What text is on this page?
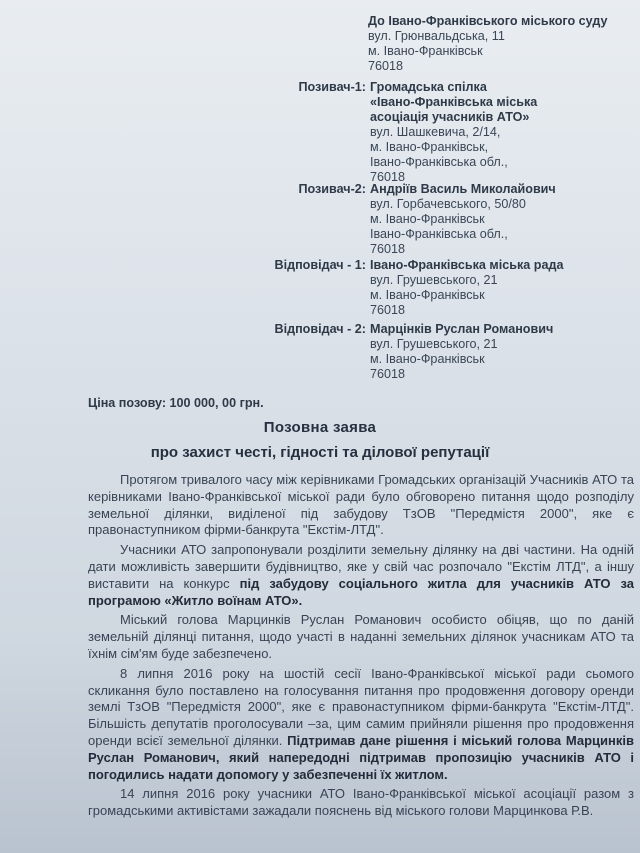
До Івано-Франківського міського суду
вул. Грюнвальдська, 11
м. Івано-Франківськ
76018
Позивач-1: Громадська спілка
«Івано-Франківська міська
асоціація учасників АТО»
вул. Шашкевича, 2/14,
м. Івано-Франківськ,
Івано-Франківська обл.,
76018
Позивач-2: Андріїв Василь Миколайович
вул. Горбачевського, 50/80
м. Івано-Франківськ
Івано-Франківська обл.,
76018
Відповідач - 1: Івано-Франківська міська рада
вул. Грушевського, 21
м. Івано-Франківськ
76018
Відповідач - 2: Марцінків Руслан Романович
вул. Грушевського, 21
м. Івано-Франківськ
76018
Ціна позову: 100 000, 00 грн.
Позовна заява
про захист честі, гідності та ділової репутації

Протягом тривалого часу між керівниками Громадських організацій Учасників АТО та керівниками Івано-Франківської міської ради було обговорено питання щодо розподілу земельної ділянки, виділеної під забудову ТзОВ "Передмістя 2000", яке є правонаступником фірми-банкрута "Екстім-ЛТД".

Учасники АТО запропонували розділити земельну ділянку на дві частини. На одній дати можливість завершити будівництво, яке у свій час розпочало "Екстім ЛТД", а іншу виставити на конкурс під забудову соціального житла для учасників АТО за програмою «Житло воїнам АТО».

Міський голова Марцинків Руслан Романович особисто обіцяв, що по даній земельній ділянці питання, щодо участі в наданні земельних ділянок учасникам АТО та їхнім сім'ям буде забезпечено.

8 липня 2016 року на шостій сесії Івано-Франківської міської ради сьомого скликання було поставлено на голосування питання про продовження договору оренди землі ТзОВ "Передмістя 2000", яке є правонаступником фірми-банкрута "Екстім-ЛТД". Більшість депутатів проголосували –за, цим самим прийняли рішення про продовження оренди всієї земельної ділянки. Підтримав дане рішення і міський голова Марцинків Руслан Романович, який напередодні підтримав пропозицію учасників АТО і погодились надати допомогу у забезпеченні їх житлом.

14 липня 2016 року учасники АТО Івано-Франківської міської асоціації разом з громадськими активістами зажадали пояснень від міського голови Марцинкова Р.В.
